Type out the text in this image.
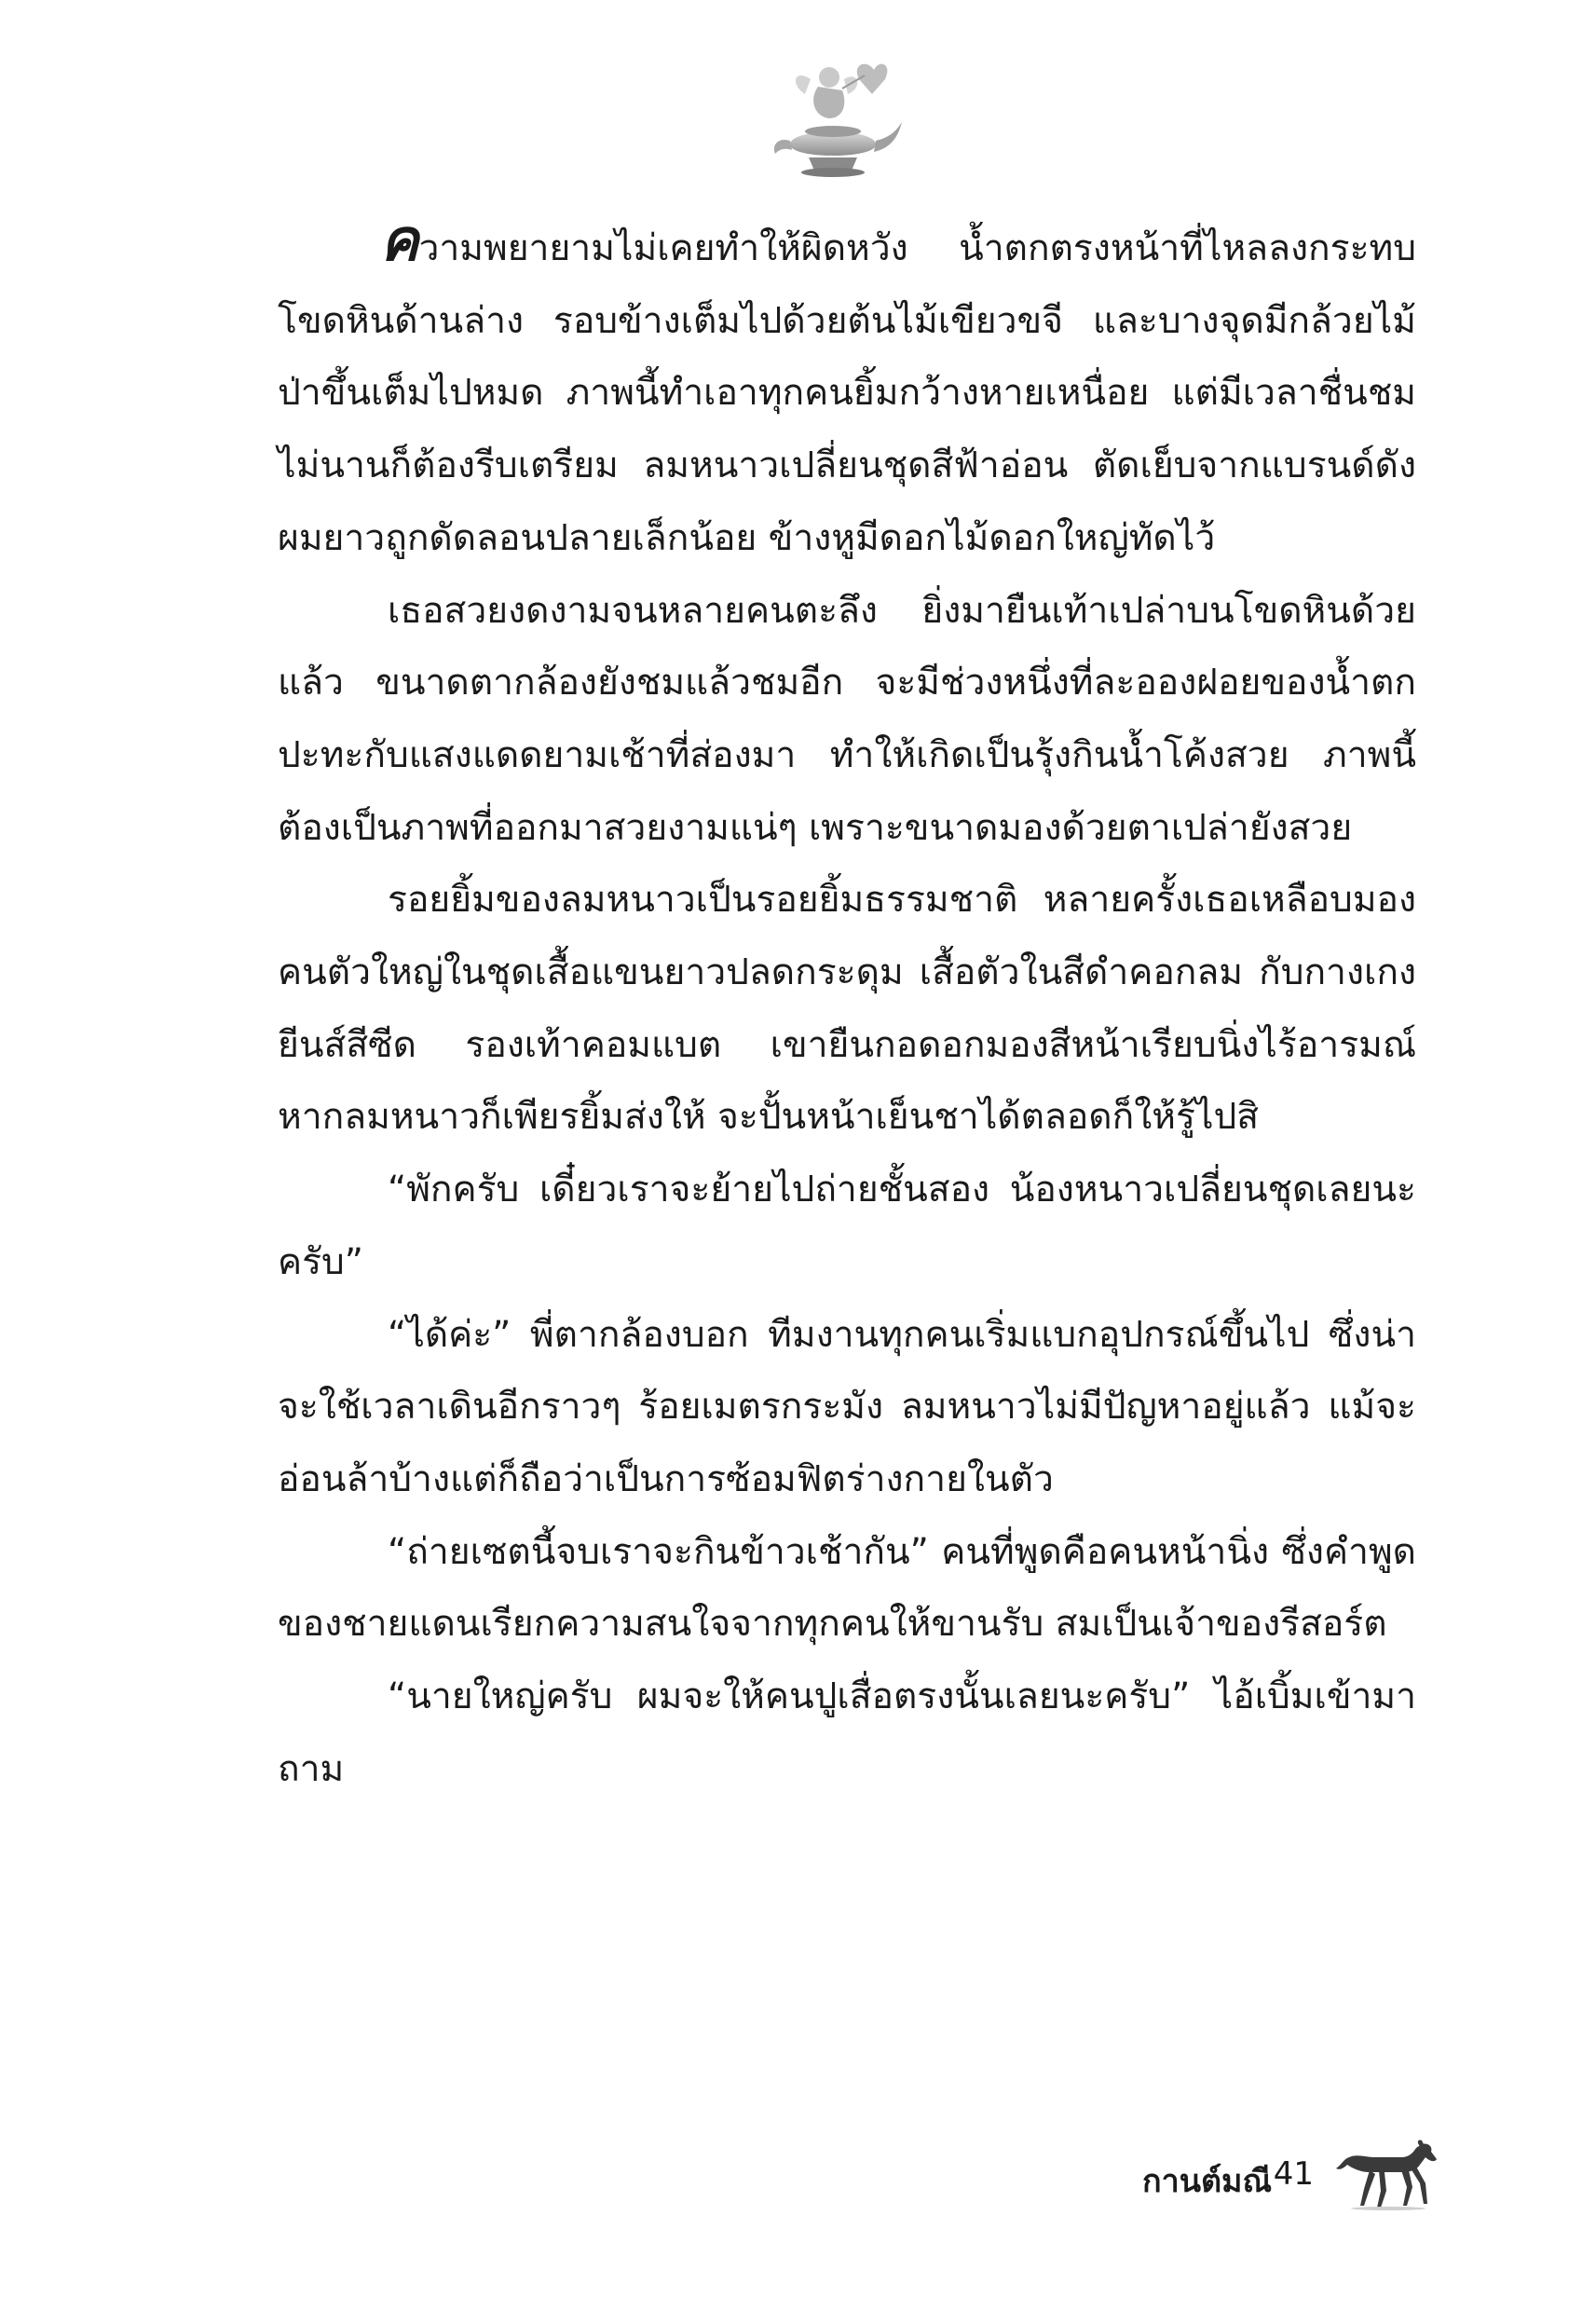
ความพยายามไม่เคยทำให้ผิดหวัง น้ำตกตรงหน้าที่ไหลลงกระทบโขดหินด้านล่าง รอบข้างเต็มไปด้วยต้นไม้เขียวขจี และบางจุดมีกล้วยไม้ป่าขึ้นเต็มไปหมด ภาพนี้ทำเอาทุกคนยิ้มกว้างหายเหนื่อย แต่มีเวลาชื่นชมไม่นานก็ต้องรีบเตรียม ลมหนาวเปลี่ยนชุดสีฟ้าอ่อน ตัดเย็บจากแบรนด์ดัง ผมยาวถูกดัดลอนปลายเล็กน้อย ข้างหูมีดอกไม้ดอกใหญ่ทัดไว้

เธอสวยงดงามจนหลายคนตะลึง ยิ่งมายืนเท้าเปล่าบนโขดหินด้วยแล้ว ขนาดตากล้องยังชมแล้วชมอีก จะมีช่วงหนึ่งที่ละอองฝอยของน้ำตกปะทะกับแสงแดดยามเช้าที่ส่องมา ทำให้เกิดเป็นรุ้งกินน้ำโค้งสวย ภาพนี้ต้องเป็นภาพที่ออกมาสวยงามแน่ๆ เพราะขนาดมองด้วยตาเปล่ายังสวย

รอยยิ้มของลมหนาวเป็นรอยยิ้มธรรมชาติ หลายครั้งเธอเหลือบมองคนตัวใหญ่ในชุดเสื้อแขนยาวปลดกระดุม เสื้อตัวในสีดำคอกลม กับกางเกงยีนส์สีซีด รองเท้าคอมแบต เขายืนกอดอกมองสีหน้าเรียบนิ่งไร้อารมณ์ หากลมหนาวก็เพียรยิ้มส่งให้ จะปั้นหน้าเย็นชาได้ตลอดก็ให้รู้ไปสิ

“พักครับ เดี๋ยวเราจะย้ายไปถ่ายชั้นสอง น้องหนาวเปลี่ยนชุดเลยนะครับ”

“ได้ค่ะ” พี่ตากล้องบอก ทีมงานทุกคนเริ่มแบกอุปกรณ์ขึ้นไป ซึ่งน่าจะใช้เวลาเดินอีกราวๆ ร้อยเมตรกระมัง ลมหนาวไม่มีปัญหาอยู่แล้ว แม้จะอ่อนล้าบ้างแต่ก็ถือว่าเป็นการซ้อมฟิตร่างกายในตัว

“ถ่ายเซตนี้จบเราจะกินข้าวเช้ากัน” คนที่พูดคือคนหน้านิ่ง ซึ่งคำพูดของชายแดนเรียกความสนใจจากทุกคนให้ขานรับ สมเป็นเจ้าของรีสอร์ต

“นายใหญ่ครับ ผมจะให้คนปูเสื่อตรงนั้นเลยนะครับ” ไอ้เบิ้มเข้ามาถาม

กานต์มณี 41
